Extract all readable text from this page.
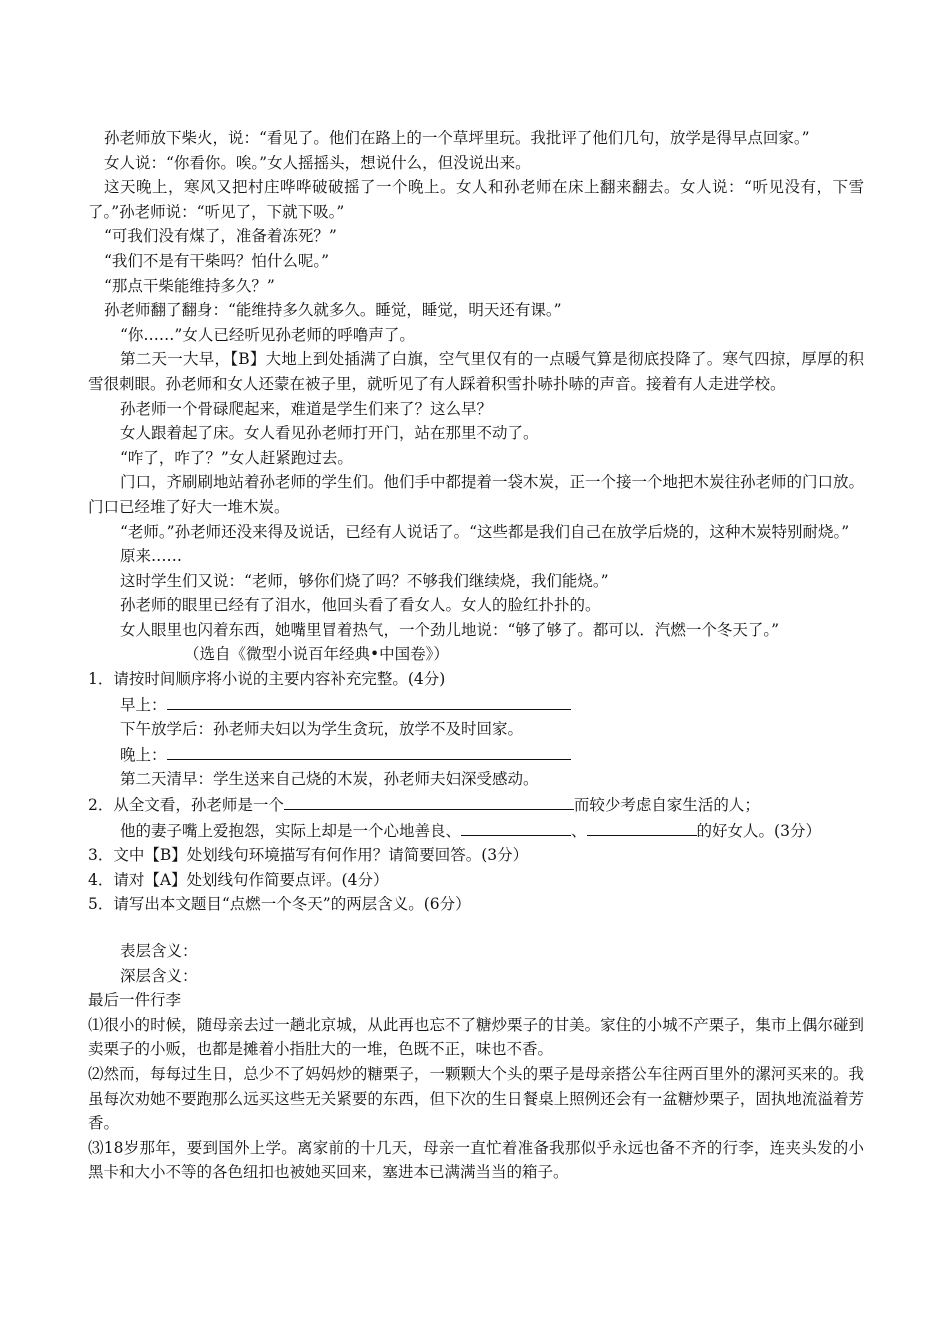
孙老师放下柴火，说：“看见了。他们在路上的一个草坪里玩。我批评了他们几句，放学是得早点回家。”

女人说：“你看你。唉。”女人摇摇头，想说什么，但没说出来。

这天晚上，寒风又把村庄哗哗破破摇了一个晚上。女人和孙老师在床上翻来翻去。女人说：“听见没有，下雪了。”孙老师说：“听见了，下就下吸。”

“可我们没有煤了，准备着冻死？”

“我们不是有干柴吗？怕什么呢。”

“那点干柴能维持多久？”

孙老师翻了翻身：“能维持多久就多久。睡觉，睡觉，明天还有课。”

“你……”女人已经听见孙老师的呼噜声了。

第二天一大早，【B】大地上到处插满了白旗，空气里仅有的一点暖气算是彻底投降了。寒气四掠，厚厚的积雪很刺眼。孙老师和女人还蒙在被子里，就听见了有人踩着积雪扑哧扑哧的声音。接着有人走进学校。

孙老师一个骨碌爬起来，难道是学生们来了？这么早？

女人跟着起了床。女人看见孙老师打开门，站在那里不动了。

“咋了，咋了？”女人赶紧跑过去。

门口，齐刷刷地站着孙老师的学生们。他们手中都提着一袋木炭，正一个接一个地把木炭往孙老师的门口放。门口已经堆了好大一堆木炭。

“老师。”孙老师还没来得及说话，已经有人说话了。“这些都是我们自己在放学后烧的，这种木炭特别耐烧。”

原来……

这时学生们又说：“老师，够你们烧了吗？不够我们继续烧，我们能烧。”

孙老师的眼里已经有了泪水，他回头看了看女人。女人的脸红扑扑的。

女人眼里也闪着东西，她嘴里冒着热气，一个劲儿地说：“够了够了。都可以．汽燃一个冬天了。”

（选自《微型小说百年经典•中国卷》）

1．请按时间顺序将小说的主要内容补充完整。(4分)

早上：

下午放学后：孙老师夫妇以为学生贪玩，放学不及时回家。

晚上：

第二天清早：学生送来自己烧的木炭，孙老师夫妇深受感动。

2．从全文看，孙老师是一个	而较少考虑自家生活的人；

他的妻子嘴上爱抱怨，实际上却是一个心地善良、	、	的好女人。(3分）

3．文中【B】处划线句环境描写有何作用？请简要回答。(3分）

4．请对【A】处划线句作简要点评。(4分）

5．请写出本文题目“点燃一个冬天”的两层含义。(6分）

表层含义：

深层含义：

最后一件行李

⑴很小的时候，随母亲去过一趟北京城，从此再也忘不了糖炒栗子的甘美。家住的小城不产栗子，集市上偶尔碰到卖栗子的小贩，也都是摊着小指肚大的一堆，色既不正，味也不香。

⑵然而，每每过生日，总少不了妈妈炒的糖栗子，一颗颗大个头的栗子是母亲搭公车往两百里外的漯河买来的。我虽每次劝她不要跑那么远买这些无关紧要的东西，但下次的生日餐桌上照例还会有一盆糖炒栗子，固执地流溢着芳香。

⑶18岁那年，要到国外上学。离家前的十几天，母亲一直忙着准备我那似乎永远也备不齐的行李，连夹头发的小黑卡和大小不等的各色纽扣也被她买回来，塞进本已满满当当的箱子。
